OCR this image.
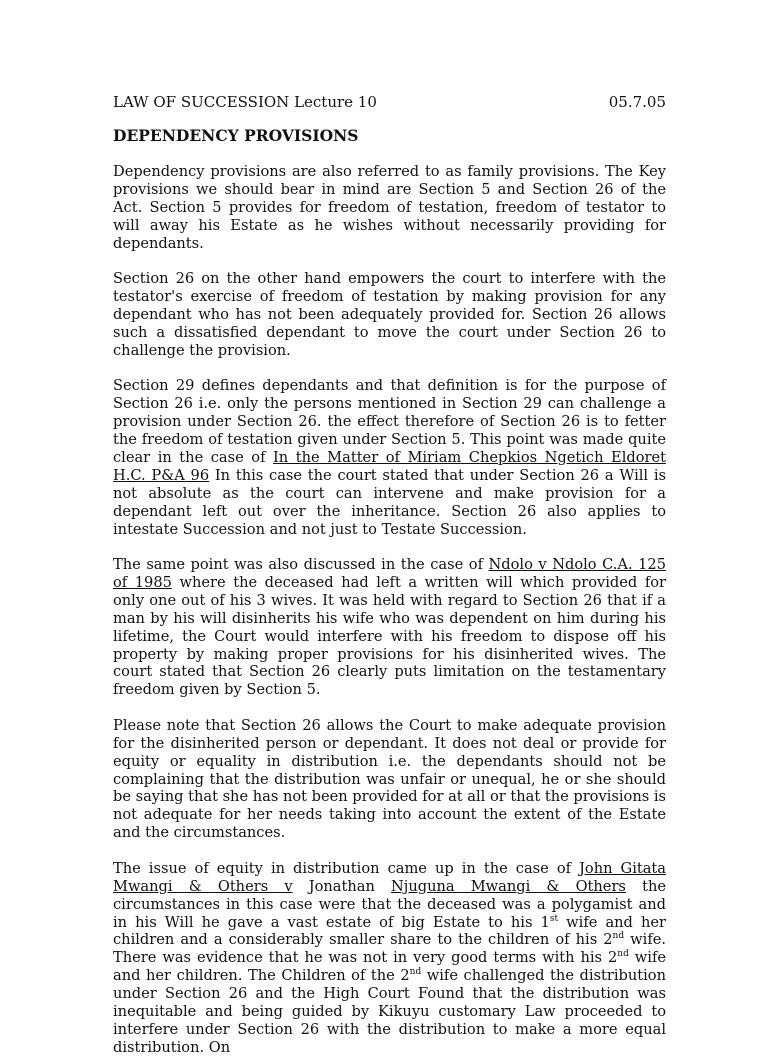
LAW OF SUCCESSION Lecture 10	05.7.05
DEPENDENCY PROVISIONS

Dependency provisions are also referred to as family provisions. The Key provisions we should bear in mind are Section 5 and Section 26 of the Act. Section 5 provides for freedom of testation, freedom of testator to will away his Estate as he wishes without necessarily providing for dependants.

Section 26 on the other hand empowers the court to interfere with the testator's exercise of freedom of testation by making provision for any dependant who has not been adequately provided for. Section 26 allows such a dissatisfied dependant to move the court under Section 26 to challenge the provision.

Section 29 defines dependants and that definition is for the purpose of Section 26 i.e. only the persons mentioned in Section 29 can challenge a provision under Section 26. the effect therefore of Section 26 is to fetter the freedom of testation given under Section 5. This point was made quite clear in the case of In the Matter of Miriam Chepkios Ngetich Eldoret H.C. P&A 96 In this case the court stated that under Section 26 a Will is not absolute as the court can intervene and make provision for a dependant left out over the inheritance. Section 26 also applies to intestate Succession and not just to Testate Succession.

The same point was also discussed in the case of Ndolo v Ndolo C.A. 125 of 1985 where the deceased had left a written will which provided for only one out of his 3 wives. It was held with regard to Section 26 that if a man by his will disinherits his wife who was dependent on him during his lifetime, the Court would interfere with his freedom to dispose off his property by making proper provisions for his disinherited wives. The court stated that Section 26 clearly puts limitation on the testamentary freedom given by Section 5.

Please note that Section 26 allows the Court to make adequate provision for the disinherited person or dependant. It does not deal or provide for equity or equality in distribution i.e. the dependants should not be complaining that the distribution was unfair or unequal, he or she should be saying that she has not been provided for at all or that the provisions is not adequate for her needs taking into account the extent of the Estate and the circumstances.

The issue of equity in distribution came up in the case of John Gitata Mwangi & Others v Jonathan Njuguna Mwangi & Others the circumstances in this case were that the deceased was a polygamist and in his Will he gave a vast estate of big Estate to his 1st wife and her children and a considerably smaller share to the children of his 2nd wife. There was evidence that he was not in very good terms with his 2nd wife and her children. The Children of the 2nd wife challenged the distribution under Section 26 and the High Court Found that the distribution was inequitable and being guided by Kikuyu customary Law proceeded to interfere under Section 26 with the distribution to make a more equal distribution. On
